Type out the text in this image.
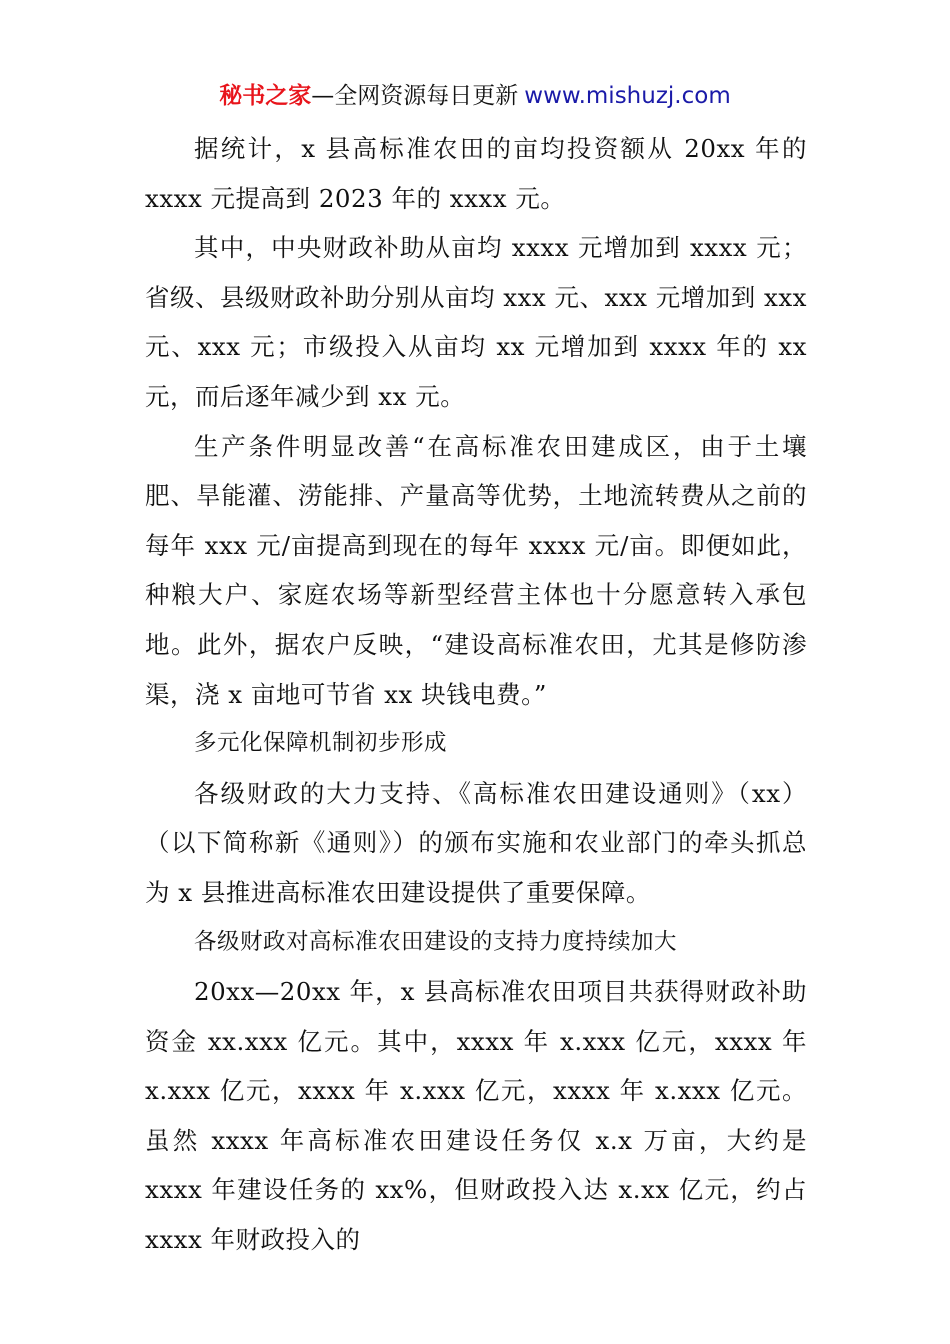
秘书之家—全网资源每日更新 www.mishuzj.com

据统计，x 县高标准农田的亩均投资额从 20xx 年的 xxxx 元提高到 2023 年的 xxxx 元。

其中，中央财政补助从亩均 xxxx 元增加到 xxxx 元；省级、县级财政补助分别从亩均 xxx 元、xxx 元增加到 xxx 元、xxx 元；市级投入从亩均 xx 元增加到 xxxx 年的 xx 元，而后逐年减少到 xx 元。

生产条件明显改善“在高标准农田建成区，由于土壤肥、旱能灌、涝能排、产量高等优势，土地流转费从之前的每年 xxx 元/亩提高到现在的每年 xxxx 元/亩。即便如此，种粮大户、家庭农场等新型经营主体也十分愿意转入承包地。此外，据农户反映，“建设高标准农田，尤其是修防渗渠，浇 x 亩地可节省 xx 块钱电费。”

多元化保障机制初步形成

各级财政的大力支持、《高标准农田建设通则》（xx）（以下简称新《通则》）的颁布实施和农业部门的牵头抓总为 x 县推进高标准农田建设提供了重要保障。

各级财政对高标准农田建设的支持力度持续加大

20xx—20xx 年，x 县高标准农田项目共获得财政补助资金 xx.xxx 亿元。其中，xxxx 年 x.xxx 亿元，xxxx 年 x.xxx 亿元，xxxx 年 x.xxx 亿元，xxxx 年 x.xxx 亿元。虽然 xxxx 年高标准农田建设任务仅 x.x 万亩，大约是 xxxx 年建设任务的 xx%，但财政投入达 x.xx 亿元，约占 xxxx 年财政投入的
